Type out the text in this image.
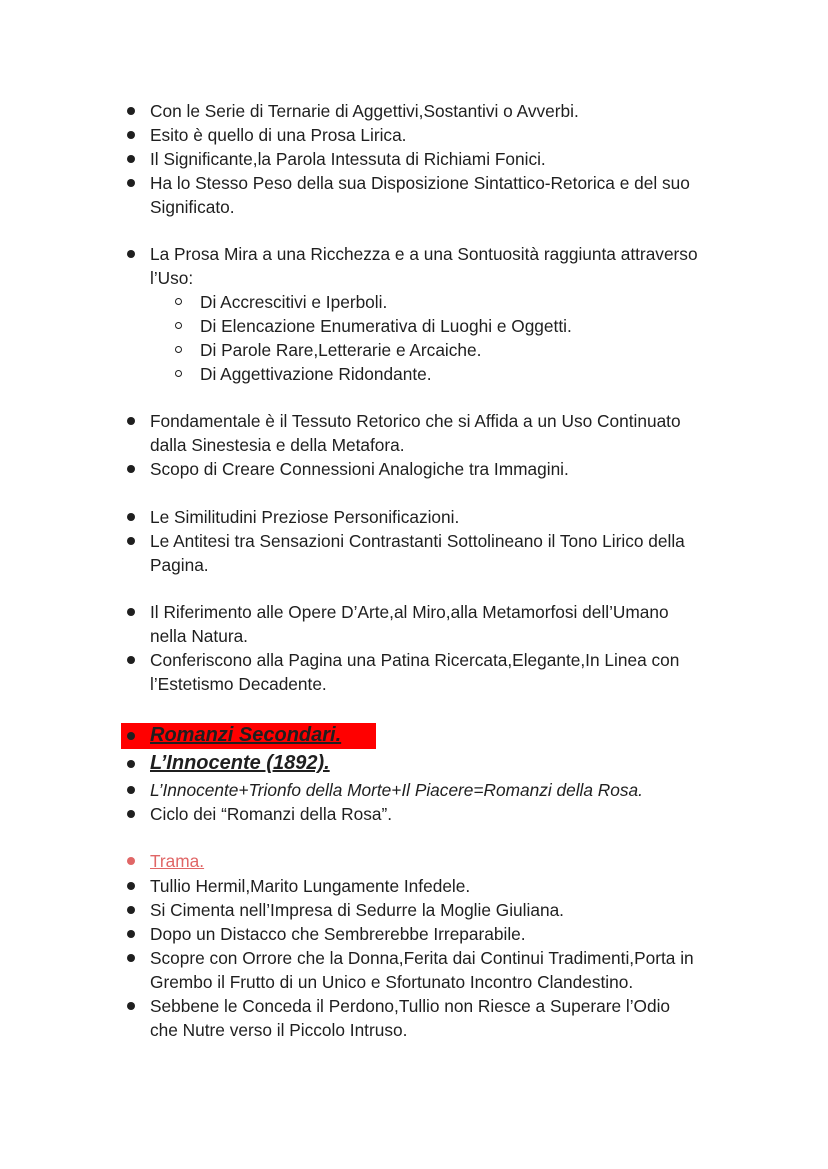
Con le Serie di Ternarie di Aggettivi,Sostantivi o Avverbi.
Esito è quello di una Prosa Lirica.
Il Significante,la Parola Intessuta di Richiami Fonici.
Ha lo Stesso Peso della sua Disposizione Sintattico-Retorica e del suo
Significato.
La Prosa Mira a una Ricchezza e a una Sontuosità raggiunta attraverso
l’Uso:
Di Accrescitivi e Iperboli.
Di Elencazione Enumerativa di Luoghi e Oggetti.
Di Parole Rare,Letterarie e Arcaiche.
Di Aggettivazione Ridondante.
Fondamentale è il Tessuto Retorico che si Affida a un Uso Continuato
dalla Sinestesia e della Metafora.
Scopo di Creare Connessioni Analogiche tra Immagini.
Le Similitudini Preziose Personificazioni.
Le Antitesi tra Sensazioni Contrastanti Sottolineano il Tono Lirico della
Pagina.
Il Riferimento alle Opere D’Arte,al Miro,alla Metamorfosi dell’Umano
nella Natura.
Conferiscono alla Pagina una Patina Ricercata,Elegante,In Linea con
l’Estetismo Decadente.
Romanzi Secondari.
L’Innocente (1892).
L’Innocente+Trionfo della Morte+Il Piacere=Romanzi della Rosa.
Ciclo dei “Romanzi della Rosa”.
Trama.
Tullio Hermil,Marito Lungamente Infedele.
Si Cimenta nell’Impresa di Sedurre la Moglie Giuliana.
Dopo un Distacco che Sembrerebbe Irreparabile.
Scopre con Orrore che la Donna,Ferita dai Continui Tradimenti,Porta in
Grembo il Frutto di un Unico e Sfortunato Incontro Clandestino.
Sebbene le Conceda il Perdono,Tullio non Riesce a Superare l’Odio
che Nutre verso il Piccolo Intruso.
